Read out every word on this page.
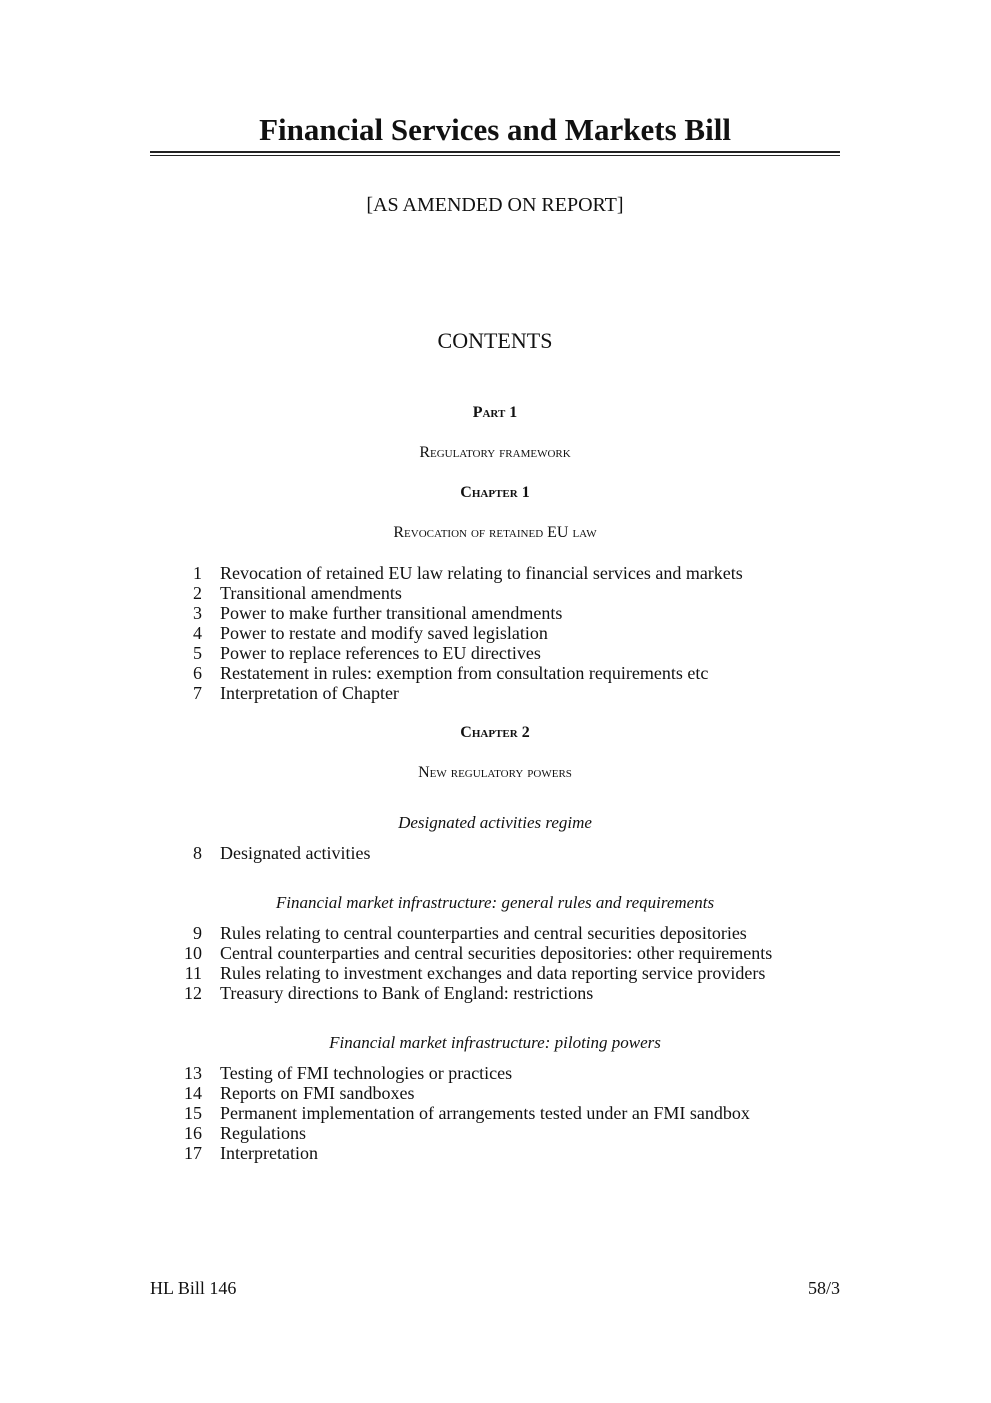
Financial Services and Markets Bill
[AS AMENDED ON REPORT]
CONTENTS
Part 1
Regulatory framework
Chapter 1
Revocation of retained EU law
1	Revocation of retained EU law relating to financial services and markets
2	Transitional amendments
3	Power to make further transitional amendments
4	Power to restate and modify saved legislation
5	Power to replace references to EU directives
6	Restatement in rules: exemption from consultation requirements etc
7	Interpretation of Chapter
Chapter 2
New regulatory powers
Designated activities regime
8	Designated activities
Financial market infrastructure: general rules and requirements
9	Rules relating to central counterparties and central securities depositories
10	Central counterparties and central securities depositories: other requirements
11	Rules relating to investment exchanges and data reporting service providers
12	Treasury directions to Bank of England: restrictions
Financial market infrastructure: piloting powers
13	Testing of FMI technologies or practices
14	Reports on FMI sandboxes
15	Permanent implementation of arrangements tested under an FMI sandbox
16	Regulations
17	Interpretation
HL Bill 146	58/3
